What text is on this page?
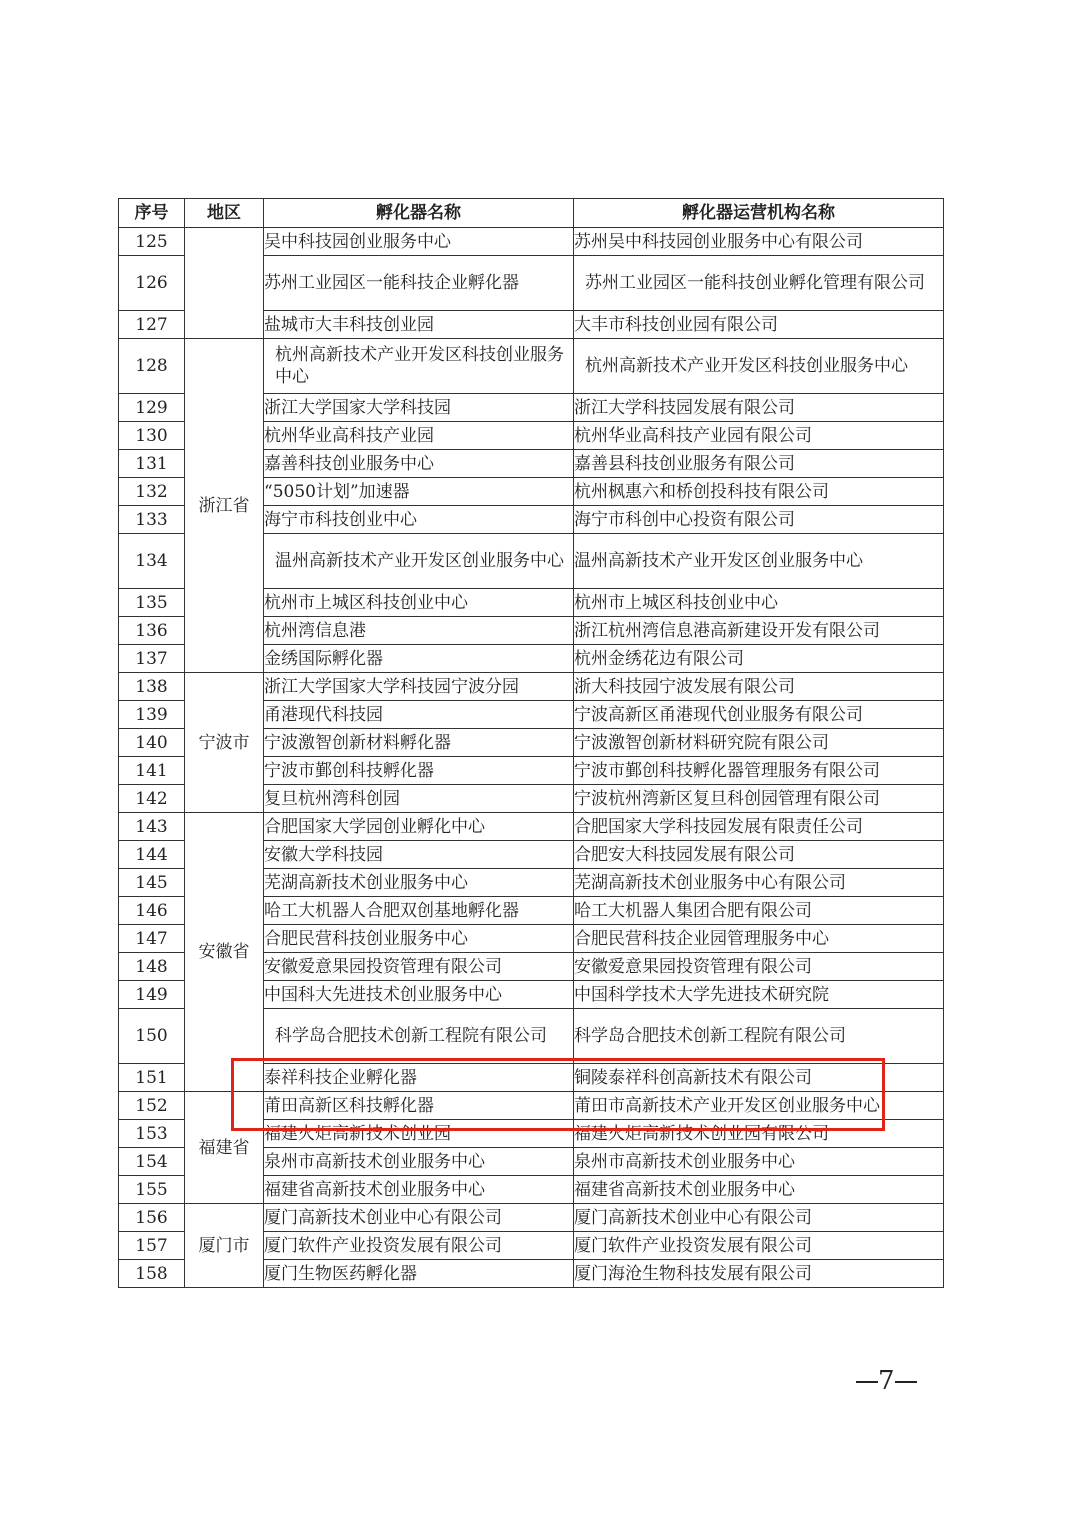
序号	地区	孵化器名称	孵化器运营机构名称
125		吴中科技园创业服务中心	苏州吴中科技园创业服务中心有限公司
126		苏州工业园区一能科技企业孵化器	苏州工业园区一能科技创业孵化管理有限公司
127		盐城市大丰科技创业园	大丰市科技创业园有限公司
128	浙江省	杭州高新技术产业开发区科技创业服务中心	杭州高新技术产业开发区科技创业服务中心
129		浙江大学国家大学科技园	浙江大学科技园发展有限公司
130		杭州华业高科技产业园	杭州华业高科技产业园有限公司
131		嘉善科技创业服务中心	嘉善县科技创业服务有限公司
132		“5050计划”加速器	杭州枫惠六和桥创投科技有限公司
133		海宁市科技创业中心	海宁市科创中心投资有限公司
134		温州高新技术产业开发区创业服务中心	温州高新技术产业开发区创业服务中心
135		杭州市上城区科技创业中心	杭州市上城区科技创业中心
136		杭州湾信息港	浙江杭州湾信息港高新建设开发有限公司
137		金绣国际孵化器	杭州金绣花边有限公司
138	宁波市	浙江大学国家大学科技园宁波分园	浙大科技园宁波发展有限公司
139		甬港现代科技园	宁波高新区甬港现代创业服务有限公司
140		宁波激智创新材料孵化器	宁波激智创新材料研究院有限公司
141		宁波市鄞创科技孵化器	宁波市鄞创科技孵化器管理服务有限公司
142		复旦杭州湾科创园	宁波杭州湾新区复旦科创园管理有限公司
143	安徽省	合肥国家大学园创业孵化中心	合肥国家大学科技园发展有限责任公司
144		安徽大学科技园	合肥安大科技园发展有限公司
145		芜湖高新技术创业服务中心	芜湖高新技术创业服务中心有限公司
146		哈工大机器人合肥双创基地孵化器	哈工大机器人集团合肥有限公司
147		合肥民营科技创业服务中心	合肥民营科技企业园管理服务中心
148		安徽爱意果园投资管理有限公司	安徽爱意果园投资管理有限公司
149		中国科大先进技术创业服务中心	中国科学技术大学先进技术研究院
150		科学岛合肥技术创新工程院有限公司	科学岛合肥技术创新工程院有限公司
151		泰祥科技企业孵化器	铜陵泰祥科创高新技术有限公司
152	福建省	莆田高新区科技孵化器	莆田市高新技术产业开发区创业服务中心
153		福建火炬高新技术创业园	福建火炬高新技术创业园有限公司
154		泉州市高新技术创业服务中心	泉州市高新技术创业服务中心
155		福建省高新技术创业服务中心	福建省高新技术创业服务中心
156	厦门市	厦门高新技术创业中心有限公司	厦门高新技术创业中心有限公司
157		厦门软件产业投资发展有限公司	厦门软件产业投资发展有限公司
158		厦门生物医药孵化器	厦门海沧生物科技发展有限公司
7
